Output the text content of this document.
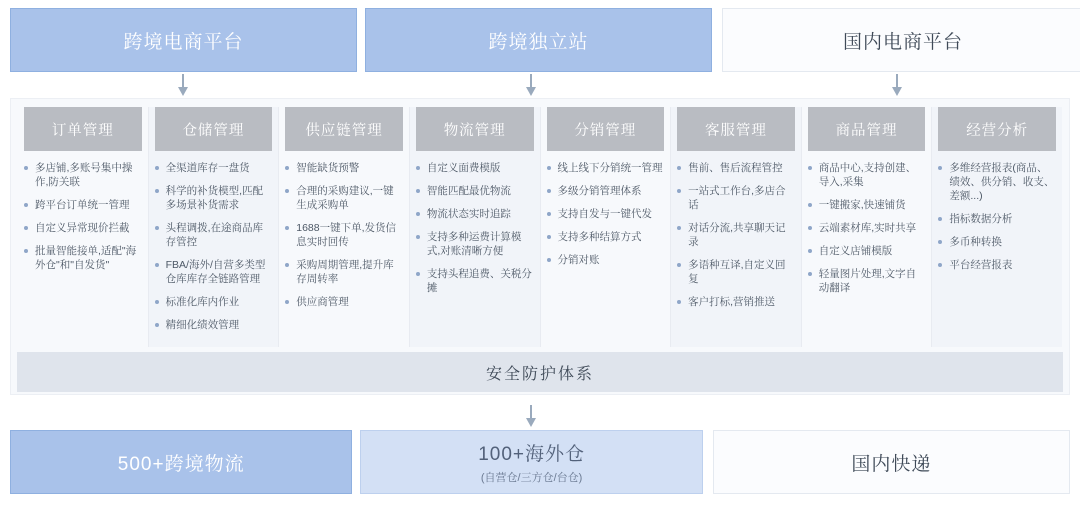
跨境电商平台	跨境独立站	国内电商平台
订单管理
多店铺,多账号集中操作,防关联
跨平台订单统一管理
自定义异常现价拦截
批量智能接单,适配"海外仓"和"自发货"
仓储管理
全渠道库存一盘货
科学的补货模型,匹配多场景补货需求
头程调拨,在途商品库存管控
FBA/海外/自营多类型仓库库存全链路管理
标准化库内作业
精细化绩效管理
供应链管理
智能缺货预警
合理的采购建议,一键生成采购单
1688一键下单,发货信息实时回传
采购周期管理,提升库存周转率
供应商管理
物流管理
自定义面费模版
智能匹配最优物流
物流状态实时追踪
支持多种运费计算模式,对账清晰方便
支持头程追费、关税分摊
分销管理
线上线下分销统一管理
多级分销管理体系
支持自发与一键代发
支持多种结算方式
分销对账
客服管理
售前、售后流程管控
一站式工作台,多店合话
对话分流,共享聊天记录
多语种互译,自定义回复
客户打标,营销推送
商品管理
商品中心,支持创建、导入,采集
一键搬家,快速铺货
云端素材库,实时共享
自定义店铺模版
轻量图片处理,文字自动翻译
经营分析
多维经营报表(商品、绩效、供分销、收支、差额...)
指标数据分析
多币种转换
平台经营报表
安全防护体系
500+跨境物流	100+海外仓
(自营仓/三方仓/台仓)
国内快递
